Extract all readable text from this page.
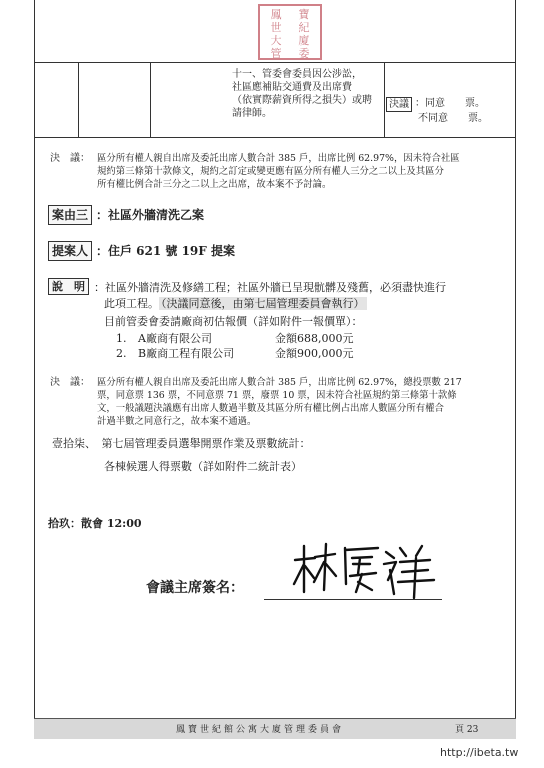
鳳	寶
世	紀
大	廈
管	委
決議
十一、管委會委員因公涉訟，
社區應補貼交通費及出席費
（依實際薪資所得之損失）或聘
請律師。
：同意　　票。
不同意　　票。
決　議： 區分所有權人親自出席及委託出席人數合計 385 戶，出席比例 62.97%，因未符合社區
規約第三條第十款條文，規約之訂定或變更應有區分所有權人三分之二以上及其區分
所有權比例合計三分之二以上之出席，故本案不予討論。
案由三 ：社區外牆清洗乙案
提案人 ：住戶 621 號 19F 提案
說　明 ：社區外牆清洗及修繕工程；社區外牆已呈現骯髒及殘舊，必須盡快進行
此項工程。 （決議同意後，由第七屆管理委員會執行）
目前管委會委請廠商初估報價（詳如附件一報價單）：
1. A廠商有限公司	金額688,000元
2. B廠商工程有限公司	金額900,000元
決　議： 區分所有權人親自出席及委託出席人數合計 385 戶，出席比例 62.97%，總投票數 217
票，同意票 136 票，不同意票 71 票，廢票 10 票，因未符合社區規約第三條第十款條
文，一般議題決議應有出席人數過半數及其區分所有權比例占出席人數區分所有權合
計過半數之同意行之，故本案不通過。
壹拾柒、　第七屆管理委員選舉開票作業及票數統計：
各棟候選人得票數（詳如附件二統計表）
拾玖：散會 12:00
會議主席簽名：
鳳寶世紀館公寓大廈管理委員會	頁 23
http://ibeta.tw
